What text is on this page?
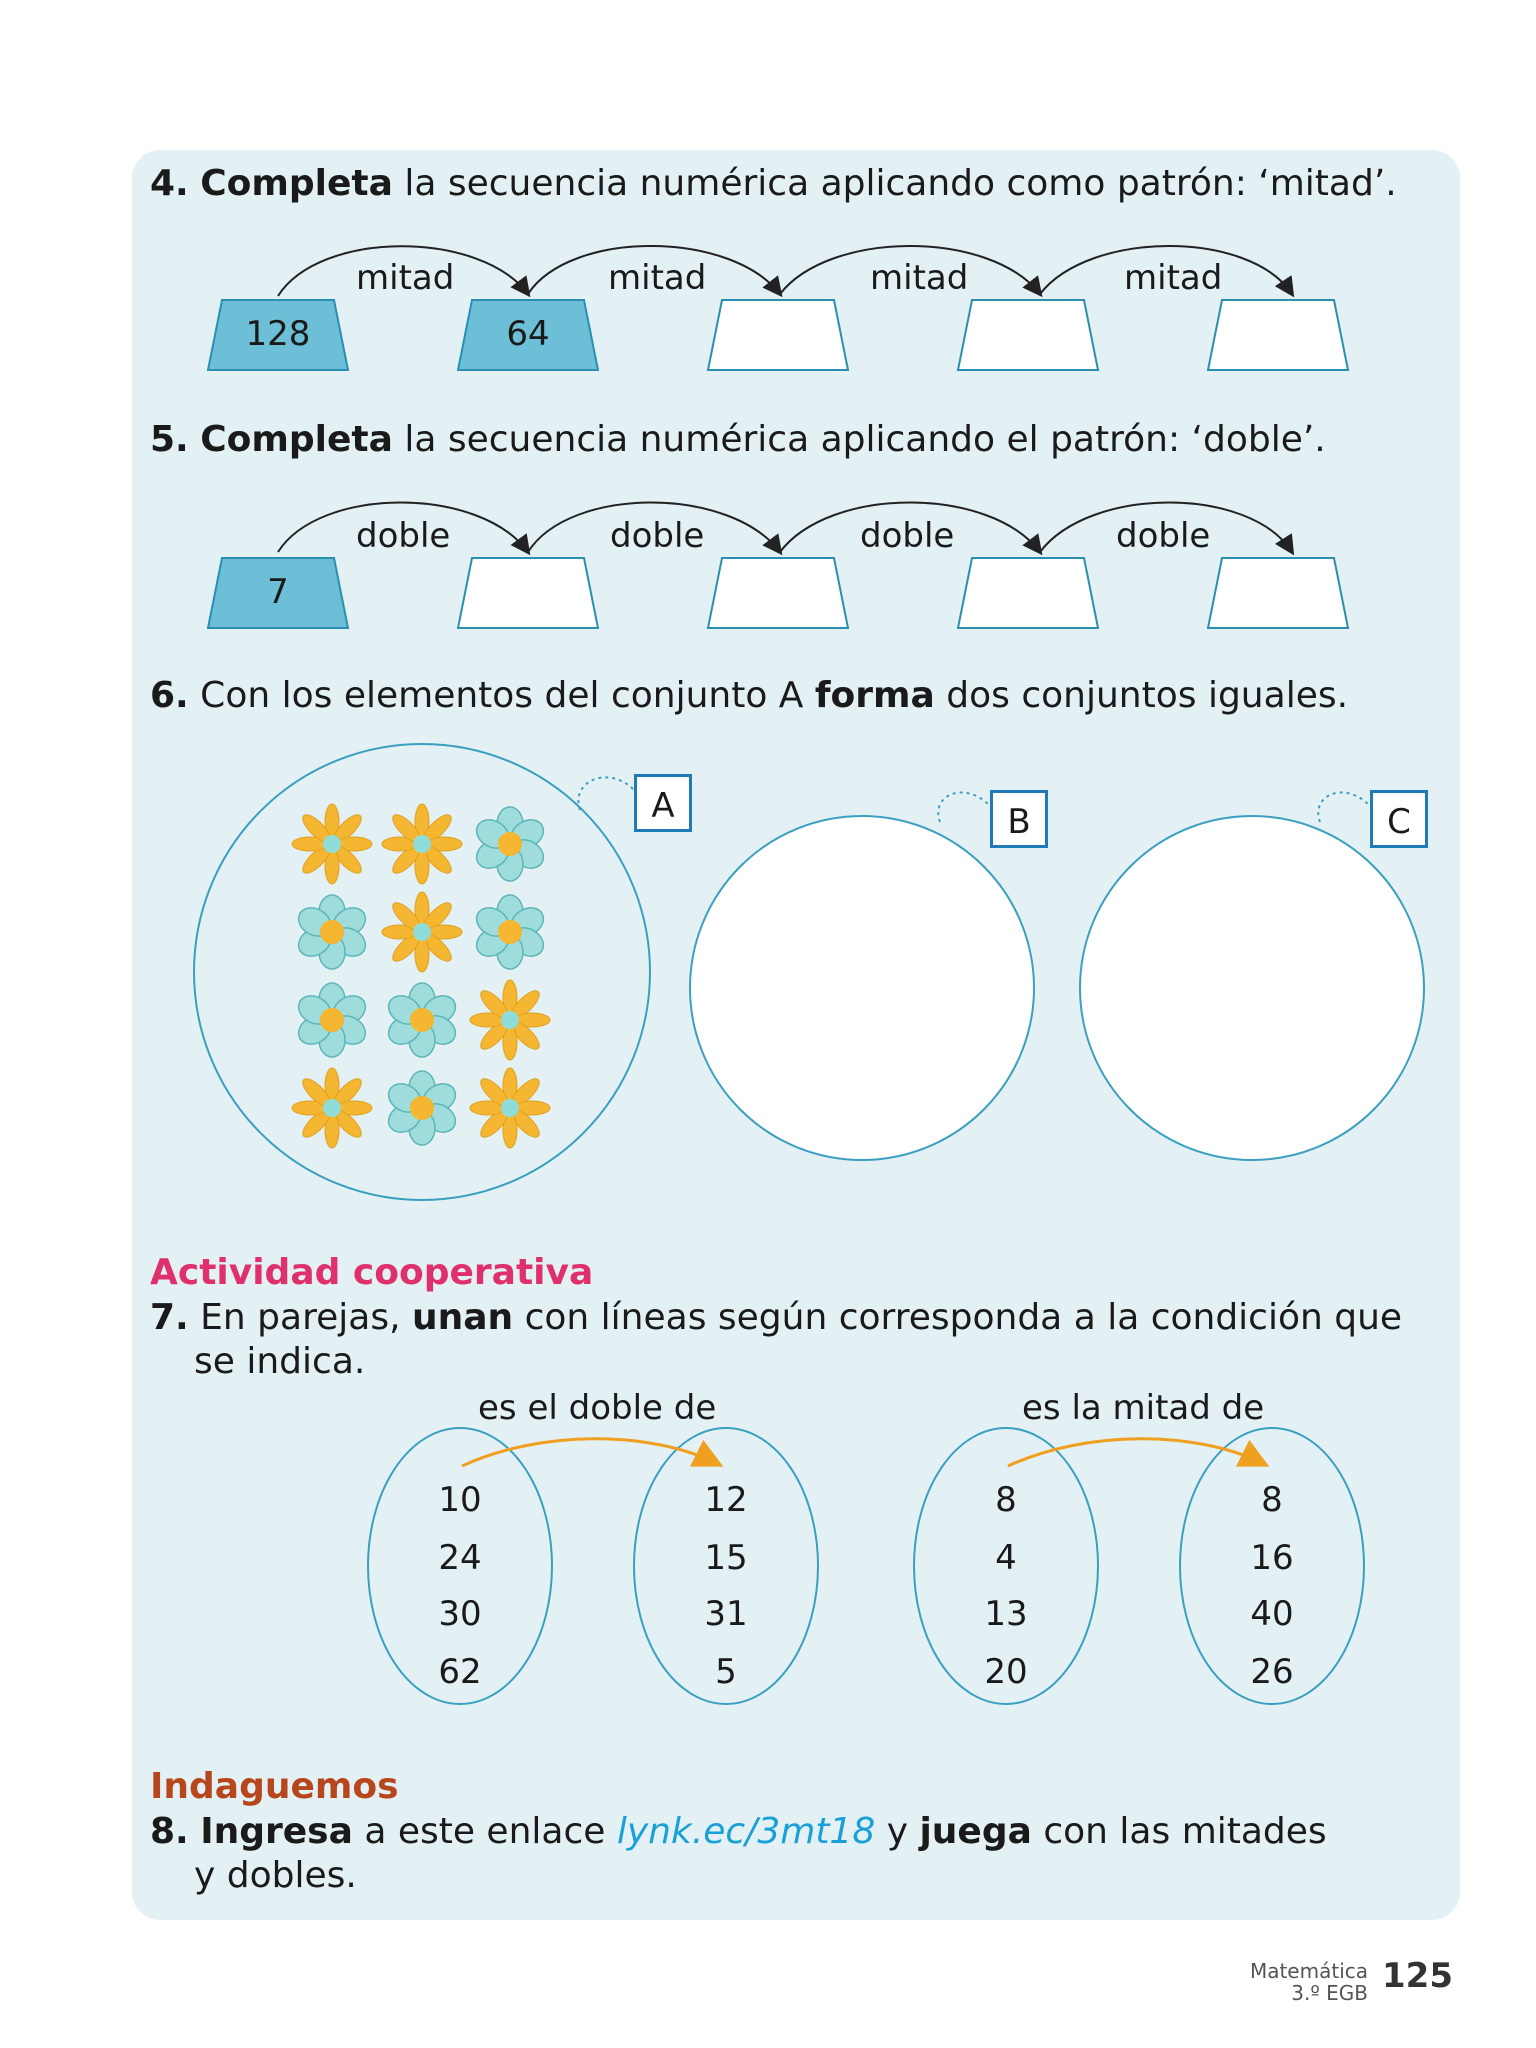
4. Completa la secuencia numérica aplicando como patrón: ‘mitad’.
mitad	mitad	mitad	mitad
128	64
5. Completa la secuencia numérica aplicando el patrón: ‘doble’.
doble	doble	doble	doble
7
6. Con los elementos del conjunto A forma dos conjuntos iguales.
A	B	C
Actividad cooperativa
7. En parejas, unan con líneas según corresponda a la condición que
se indica.
es el doble de	es la mitad de
10
24
30
62
12
15
31
5
8
4
13
20
8
16
40
26
Indaguemos
8. Ingresa a este enlace lynk.ec/3mt18 y juega con las mitades
y dobles.
Matemática
3.º EGB 125
